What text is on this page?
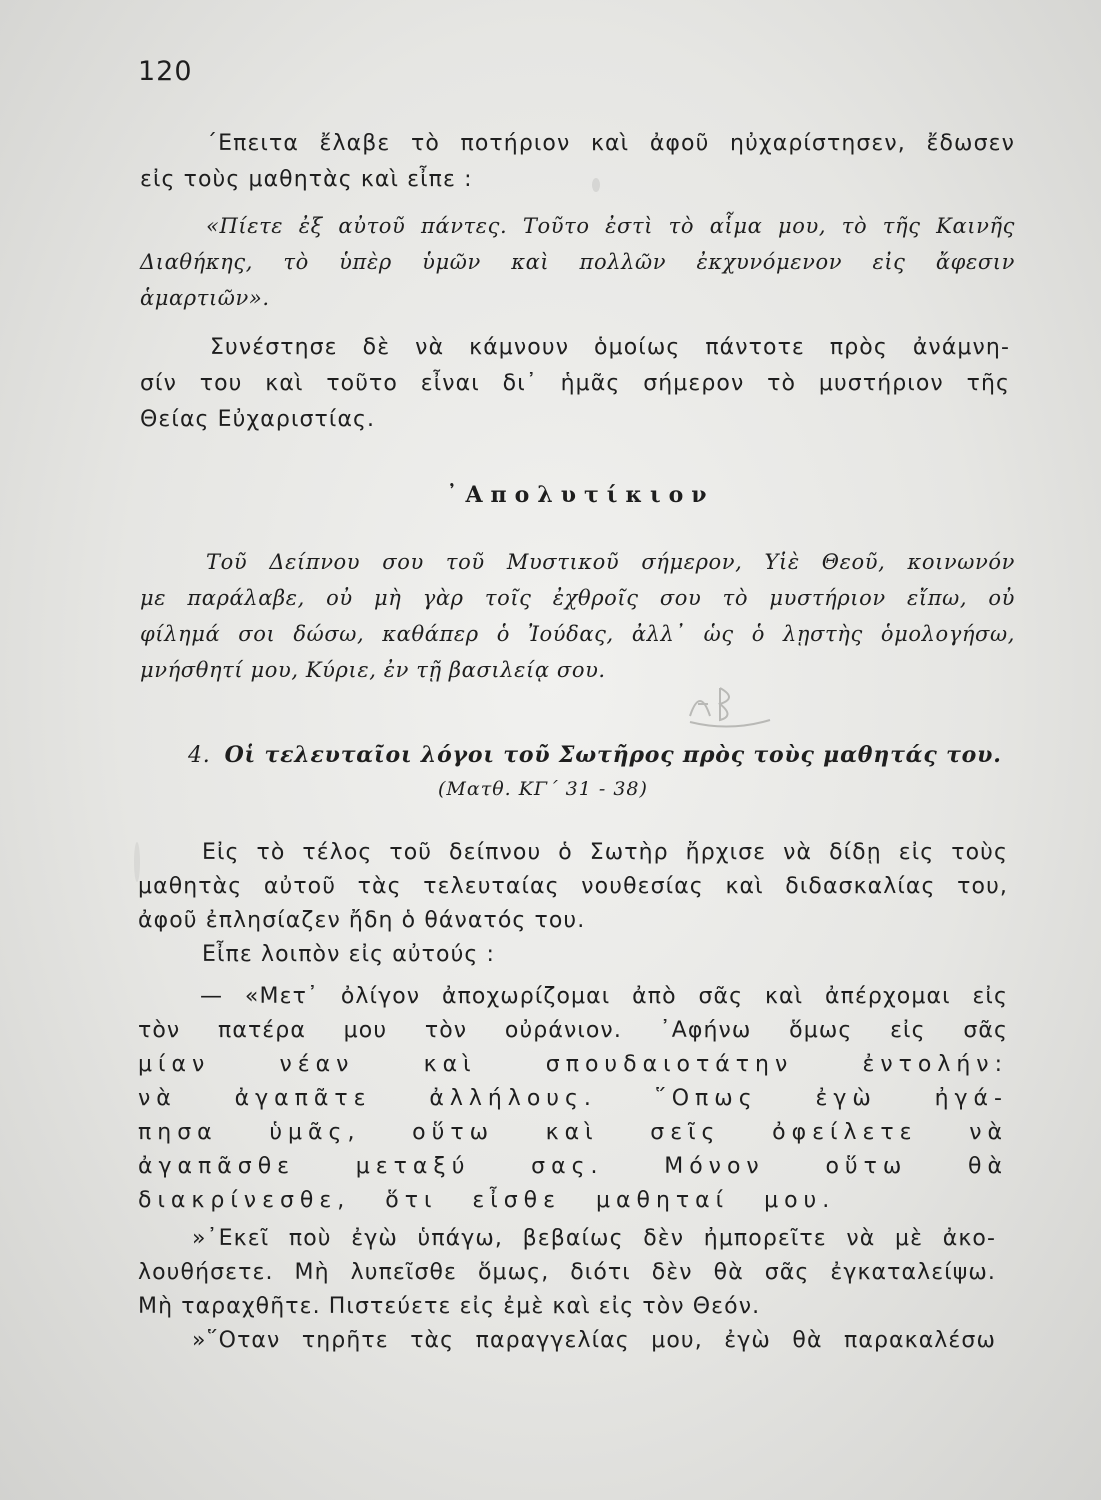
120
΄Επειτα ἔλαβε τὸ ποτήριον καὶ ἀφοῦ ηὐχαρίστησεν, ἔδωσεν
εἰς τοὺς μαθητὰς καὶ εἶπε :
«Πίετε ἐξ αὐτοῦ πάντες. Τοῦτο ἐστὶ τὸ αἷμα μου, τὸ τῆς Καινῆς
Διαθήκης, τὸ ὑπὲρ ὑμῶν καὶ πολλῶν ἐκχυνόμενον εἰς ἄφεσιν
ἁμαρτιῶν».
Συνέστησε δὲ νὰ κάμνουν ὁμοίως πάντοτε πρὸς ἀνάμνη-
σίν του καὶ τοῦτο εἶναι δι᾽ ἡμᾶς σήμερον τὸ μυστήριον τῆς
Θείας Εὐχαριστίας.
᾿Απολυτίκιον
Τοῦ Δείπνου σου τοῦ Μυστικοῦ σήμερον, Υἱὲ Θεοῦ, κοινωνόν
με παράλαβε, οὐ μὴ γὰρ τοῖς ἐχθροῖς σου τὸ μυστήριον εἴπω, οὐ
φίλημά σοι δώσω, καθάπερ ὁ Ἰούδας, ἀλλ᾽ ὡς ὁ λῃστὴς ὁμολογήσω,
μνήσθητί μου, Κύριε, ἐν τῇ βασιλείᾳ σου.
4. Οἱ τελευταῖοι λόγοι τοῦ Σωτῆρος πρὸς τοὺς μαθητάς του.
(Ματθ. ΚΓ΄ 31 - 38)
Εἰς τὸ τέλος τοῦ δείπνου ὁ Σωτὴρ ἤρχισε νὰ δίδῃ εἰς τοὺς
μαθητὰς αὐτοῦ τὰς τελευταίας νουθεσίας καὶ διδασκαλίας του,
ἀφοῦ ἐπλησίαζεν ἤδη ὁ θάνατός του.
Εἶπε λοιπὸν εἰς αὐτούς :
— «Μετ᾽ ὀλίγον ἀποχωρίζομαι ἀπὸ σᾶς καὶ ἀπέρχομαι εἰς
τὸν πατέρα μου τὸν οὐράνιον. ᾿Αφήνω ὅμως εἰς σᾶς
μίαν νέαν καὶ σπουδαιοτάτην ἐντολήν:
νὰ ἀγαπᾶτε ἀλλήλους. ῞Οπως ἐγὼ ἠγά-
πησα ὑμᾶς, οὕτω καὶ σεῖς ὀφείλετε νὰ
ἀγαπᾶσθε μεταξύ σας. Μόνον οὕτω θὰ
διακρίνεσθε, ὅτι εἶσθε μαθηταί μου.
»᾿Εκεῖ ποὺ ἐγὼ ὑπάγω, βεβαίως δὲν ἠμπορεῖτε νὰ μὲ ἀκο-
λουθήσετε. Μὴ λυπεῖσθε ὅμως, διότι δὲν θὰ σᾶς ἐγκαταλείψω.
Μὴ ταραχθῆτε. Πιστεύετε εἰς ἐμὲ καὶ εἰς τὸν Θεόν.
»῞Οταν τηρῆτε τὰς παραγγελίας μου, ἐγὼ θὰ παρακαλέσω
